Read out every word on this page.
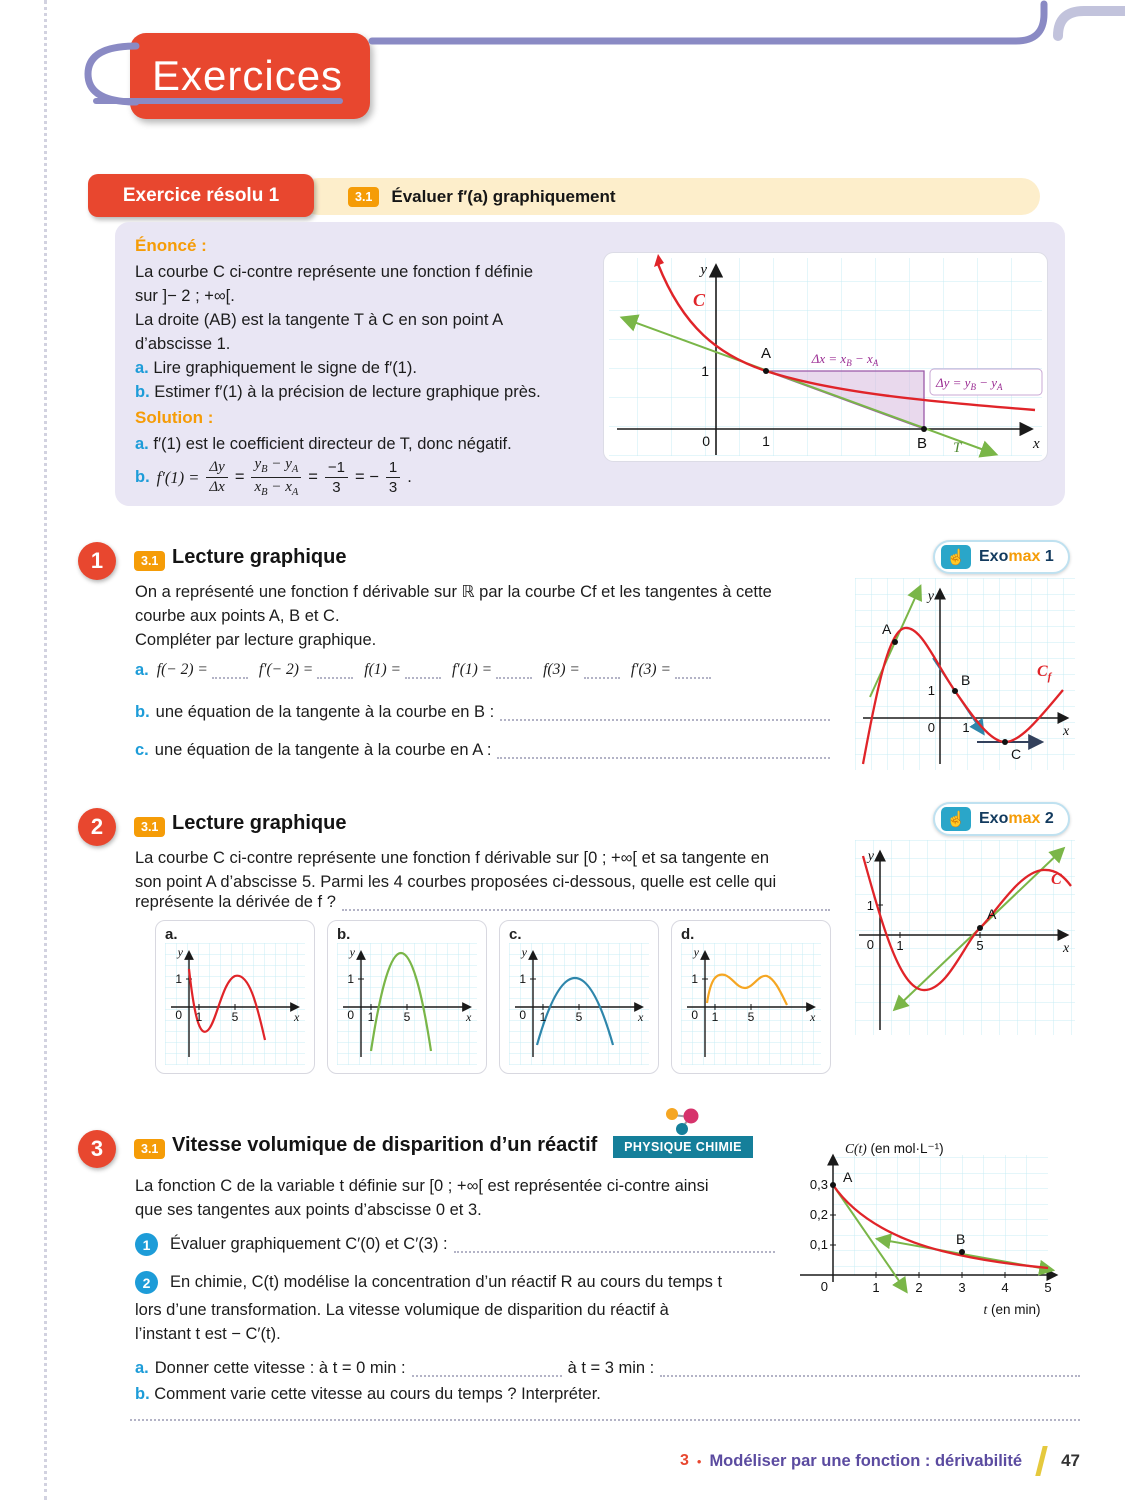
Exercices
3.1	Évaluer f′(a) graphiquement
Exercice résolu 1
Énoncé :
La courbe C ci-contre représente une fonction f définie
sur ]− 2 ; +∞[.
La droite (AB) est la tangente T à C en son point A
d’abscisse 1.
a. Lire graphiquement le signe de f′(1).
b. Estimer f′(1) à la précision de lecture graphique près.
Solution :
a. f′(1) est le coefficient directeur de T, donc négatif.
b. $f'(1) = \frac{\Delta y}{\Delta x} = \frac{y_B - y_A}{x_B - x_A} = \frac{-1}{3}$ = − $\frac{1}{3}$ .
$\Delta y = y_B - y_A$
$\Delta x = x_B - x_A$
A
B T
C
y
x
0	1
1
1	3.1 Lecture graphique	☝ Exomax 1
On a représenté une fonction f dérivable sur ℝ par la courbe Cf et les tangentes à cette
courbe aux points A, B et C.
Compléter par lecture graphique.
a. f(− 2) =	f′(− 2) =	f(1) =	f′(1) =	f(3) =	f′(3) =
b. une équation de la tangente à la courbe en B :
c. une équation de la tangente à la courbe en A :
A
B
C
y
x
1
0 1
$C_f$
2	3.1 Lecture graphique	☝ Exomax 2
La courbe C ci-contre représente une fonction f dérivable sur [0 ; +∞[ et sa tangente en
son point A d’abscisse 5. Parmi les 4 courbes proposées ci-dessous, quelle est celle qui
représente la dérivée de f ?
a.
y
1
0 1 5	x
b.
y
1
0 1 5	x
c.
y
1
0 1 5	x
d.
y
1
0 1 5	x
A
y
x
1
0 1	5
C
3	3.1 Vitesse volumique de disparition d’un réactif	PHYSIQUE CHIMIE
La fonction C de la variable t définie sur [0 ; +∞[ est représentée ci-contre ainsi
que ses tangentes aux points d’abscisse 0 et 3.
1	Évaluer graphiquement C′(0) et C′(3) :
2	En chimie, C(t) modélise la concentration d’un réactif R au cours du temps t
lors d’une transformation. La vitesse volumique de disparition du réactif à
l’instant t est − C′(t).
a. Donner cette vitesse : à t = 0 min :	à t = 3 min :
b. Comment varie cette vitesse au cours du temps ? Interpréter.
A
B
C(t) (en mol·L⁻¹)
0,3
0,2
0,1
0	1	2	3	4	5
t (en min)
3 • Modéliser par une fonction : dérivabilité 47
